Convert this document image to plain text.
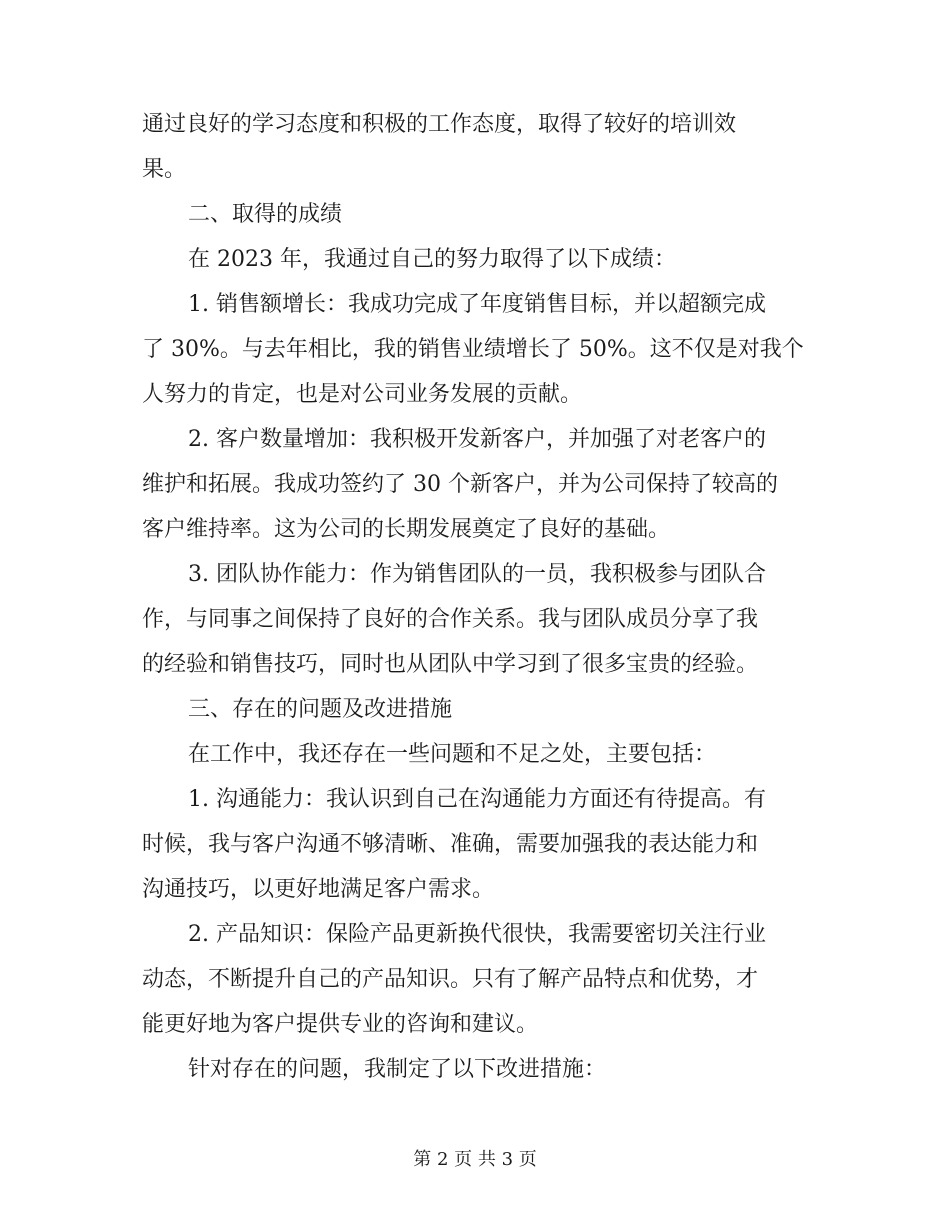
通过良好的学习态度和积极的工作态度，取得了较好的培训效

果。

二、取得的成绩

在 2023 年，我通过自己的努力取得了以下成绩：

1. 销售额增长：我成功完成了年度销售目标，并以超额完成

了 30%。与去年相比，我的销售业绩增长了 50%。这不仅是对我个

人努力的肯定，也是对公司业务发展的贡献。

2. 客户数量增加：我积极开发新客户，并加强了对老客户的

维护和拓展。我成功签约了 30 个新客户，并为公司保持了较高的

客户维持率。这为公司的长期发展奠定了良好的基础。

3. 团队协作能力：作为销售团队的一员，我积极参与团队合

作，与同事之间保持了良好的合作关系。我与团队成员分享了我

的经验和销售技巧，同时也从团队中学习到了很多宝贵的经验。

三、存在的问题及改进措施

在工作中，我还存在一些问题和不足之处，主要包括：

1. 沟通能力：我认识到自己在沟通能力方面还有待提高。有

时候，我与客户沟通不够清晰、准确，需要加强我的表达能力和

沟通技巧，以更好地满足客户需求。

2. 产品知识：保险产品更新换代很快，我需要密切关注行业

动态，不断提升自己的产品知识。只有了解产品特点和优势，才

能更好地为客户提供专业的咨询和建议。

针对存在的问题，我制定了以下改进措施：

第 2 页 共 3 页
